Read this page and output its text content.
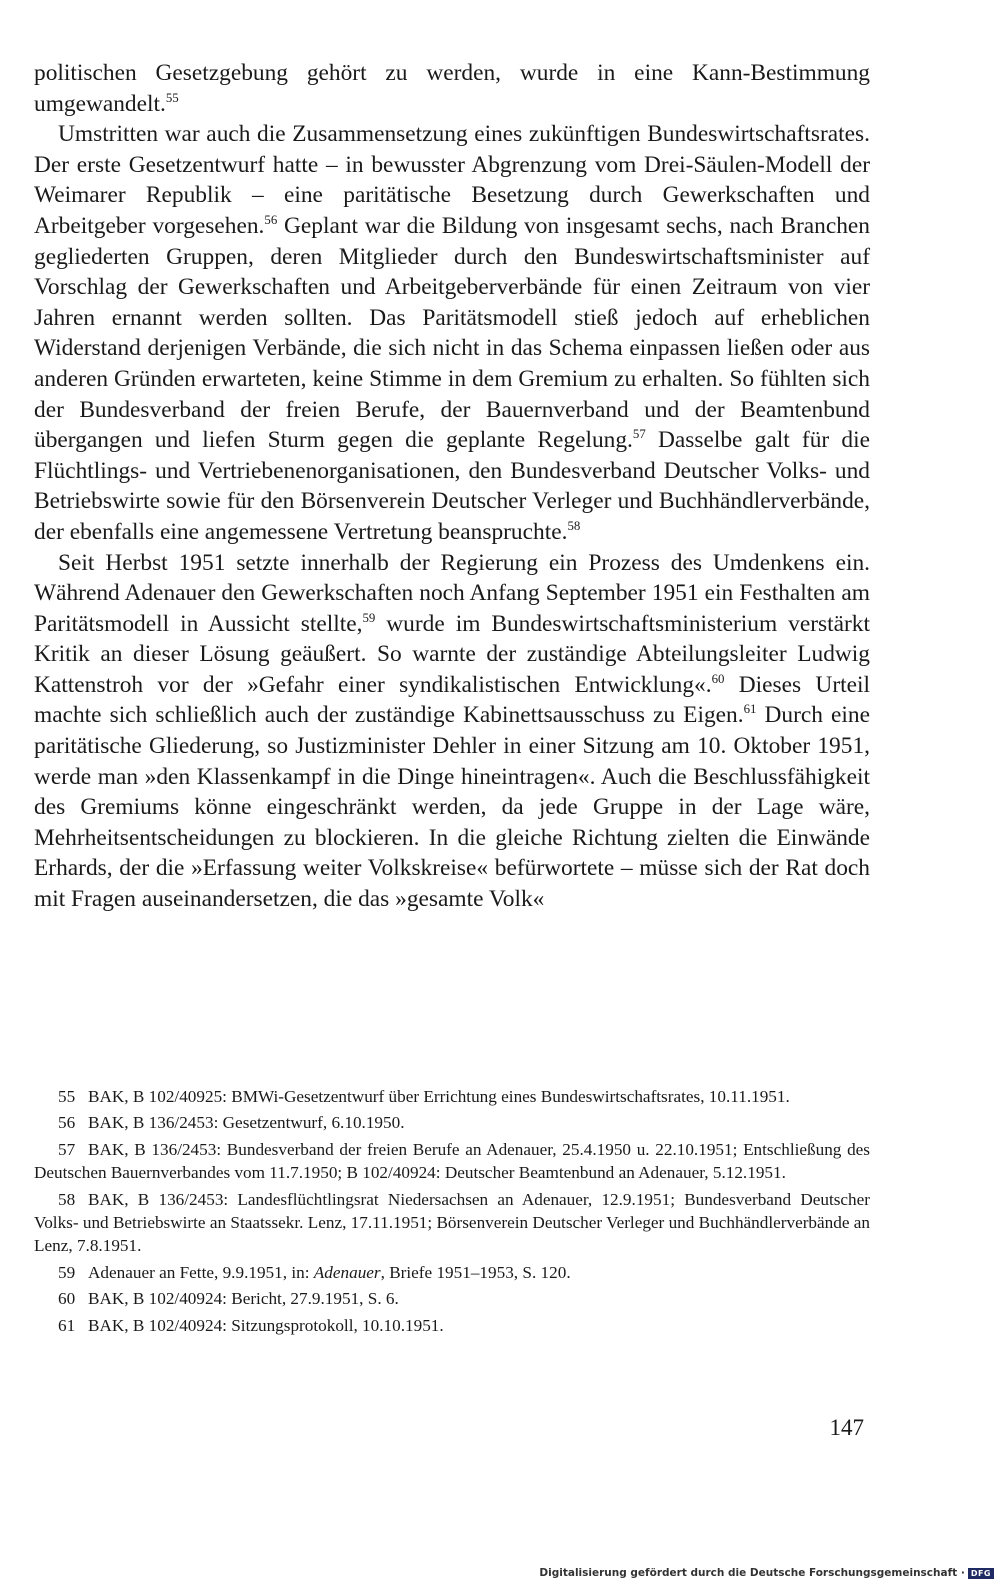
politischen Gesetzgebung gehört zu werden, wurde in eine Kann-Bestimmung umgewandelt.$^{55}$

Umstritten war auch die Zusammensetzung eines zukünftigen Bundeswirtschaftsrates. Der erste Gesetzentwurf hatte – in bewusster Abgrenzung vom Drei-Säulen-Modell der Weimarer Republik – eine paritätische Besetzung durch Gewerkschaften und Arbeitgeber vorgesehen.$^{56}$ Geplant war die Bildung von insgesamt sechs, nach Branchen gegliederten Gruppen, deren Mitglieder durch den Bundeswirtschaftsminister auf Vorschlag der Gewerkschaften und Arbeitgeberverbände für einen Zeitraum von vier Jahren ernannt werden sollten. Das Paritätsmodell stieß jedoch auf erheblichen Widerstand derjenigen Verbände, die sich nicht in das Schema einpassen ließen oder aus anderen Gründen erwarteten, keine Stimme in dem Gremium zu erhalten. So fühlten sich der Bundesverband der freien Berufe, der Bauernverband und der Beamtenbund übergangen und liefen Sturm gegen die geplante Regelung.$^{57}$ Dasselbe galt für die Flüchtlings- und Vertriebenenorganisationen, den Bundesverband Deutscher Volks- und Betriebswirte sowie für den Börsenverein Deutscher Verleger und Buchhändlerverbände, der ebenfalls eine angemessene Vertretung beanspruchte.$^{58}$

Seit Herbst 1951 setzte innerhalb der Regierung ein Prozess des Umdenkens ein. Während Adenauer den Gewerkschaften noch Anfang September 1951 ein Festhalten am Paritätsmodell in Aussicht stellte,$^{59}$ wurde im Bundeswirtschaftsministerium verstärkt Kritik an dieser Lösung geäußert. So warnte der zuständige Abteilungsleiter Ludwig Kattenstroh vor der »Gefahr einer syndikalistischen Entwicklung«.$^{60}$ Dieses Urteil machte sich schließlich auch der zuständige Kabinettsausschuss zu Eigen.$^{61}$ Durch eine paritätische Gliederung, so Justizminister Dehler in einer Sitzung am 10. Oktober 1951, werde man »den Klassenkampf in die Dinge hineintragen«. Auch die Beschlussfähigkeit des Gremiums könne eingeschränkt werden, da jede Gruppe in der Lage wäre, Mehrheitsentscheidungen zu blockieren. In die gleiche Richtung zielten die Einwände Erhards, der die »Erfassung weiter Volkskreise« befürwortete – müsse sich der Rat doch mit Fragen auseinandersetzen, die das »gesamte Volk«

55 BAK, B 102/40925: BMWi-Gesetzentwurf über Errichtung eines Bundeswirtschaftsrates, 10.11.1951.
56 BAK, B 136/2453: Gesetzentwurf, 6.10.1950.
57 BAK, B 136/2453: Bundesverband der freien Berufe an Adenauer, 25.4.1950 u. 22.10.1951; Entschließung des Deutschen Bauernverbandes vom 11.7.1950; B 102/40924: Deutscher Beamtenbund an Adenauer, 5.12.1951.
58 BAK, B 136/2453: Landesflüchtlingsrat Niedersachsen an Adenauer, 12.9.1951; Bundesverband Deutscher Volks- und Betriebswirte an Staatssekr. Lenz, 17.11.1951; Börsenverein Deutscher Verleger und Buchhändlerverbände an Lenz, 7.8.1951.
59 Adenauer an Fette, 9.9.1951, in: Adenauer, Briefe 1951–1953, S. 120.
60 BAK, B 102/40924: Bericht, 27.9.1951, S. 6.
61 BAK, B 102/40924: Sitzungsprotokoll, 10.10.1951.
147
Digitalisierung gefördert durch die Deutsche Forschungsgemeinschaft · DFG
